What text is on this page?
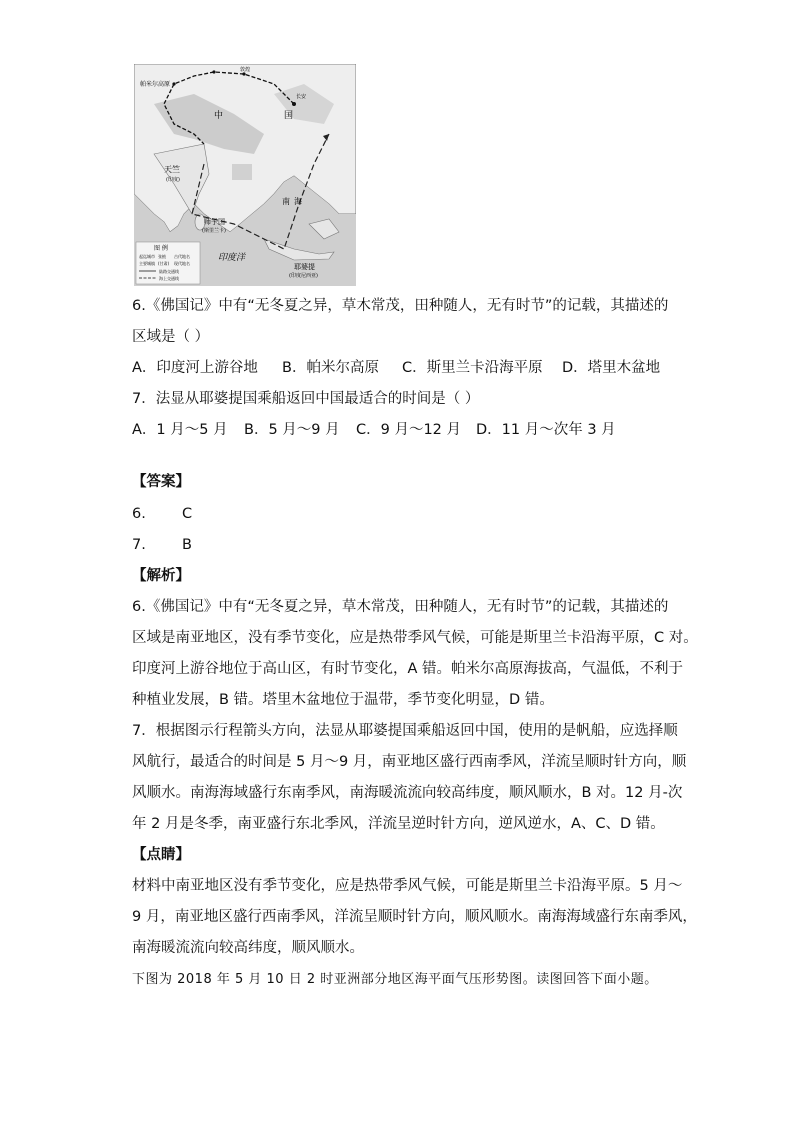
帕米尔高原
中	国
天竺
(印度)
师子国
(斯里兰卡)
耶婆提
(印度尼西亚)
南 海
印度洋
长安
敦煌
图 例
起迄城市 张掖 古代地名
主要城镇 (甘肃) 现代地名
陆路交通线
海上交通线
6.《佛国记》中有“无冬夏之异，草木常茂，田种随人，无有时节”的记载，其描述的
区域是（ ）
A．印度河上游谷地 B．帕米尔高原 C．斯里兰卡沿海平原 D．塔里木盆地
7．法显从耶婆提国乘船返回中国最适合的时间是（ ）
A．1 月～5 月 B．5 月～9 月 C．9 月～12 月 D．11 月～次年 3 月
【答案】
6. C
7. B
【解析】
6.《佛国记》中有“无冬夏之异，草木常茂，田种随人，无有时节”的记载，其描述的
区域是南亚地区，没有季节变化，应是热带季风气候，可能是斯里兰卡沿海平原，C 对。
印度河上游谷地位于高山区，有时节变化，A 错。帕米尔高原海拔高，气温低，不利于
种植业发展，B 错。塔里木盆地位于温带，季节变化明显，D 错。
7．根据图示行程箭头方向，法显从耶婆提国乘船返回中国，使用的是帆船，应选择顺
风航行，最适合的时间是 5 月～9 月，南亚地区盛行西南季风，洋流呈顺时针方向，顺
风顺水。南海海域盛行东南季风，南海暖流流向较高纬度，顺风顺水，B 对。12 月-次
年 2 月是冬季，南亚盛行东北季风，洋流呈逆时针方向，逆风逆水，A、C、D 错。
【点睛】
材料中南亚地区没有季节变化，应是热带季风气候，可能是斯里兰卡沿海平原。5 月～
9 月，南亚地区盛行西南季风，洋流呈顺时针方向，顺风顺水。南海海域盛行东南季风，
南海暖流流向较高纬度，顺风顺水。
下图为 2018 年 5 月 10 日 2 时亚洲部分地区海平面气压形势图。读图回答下面小题。
